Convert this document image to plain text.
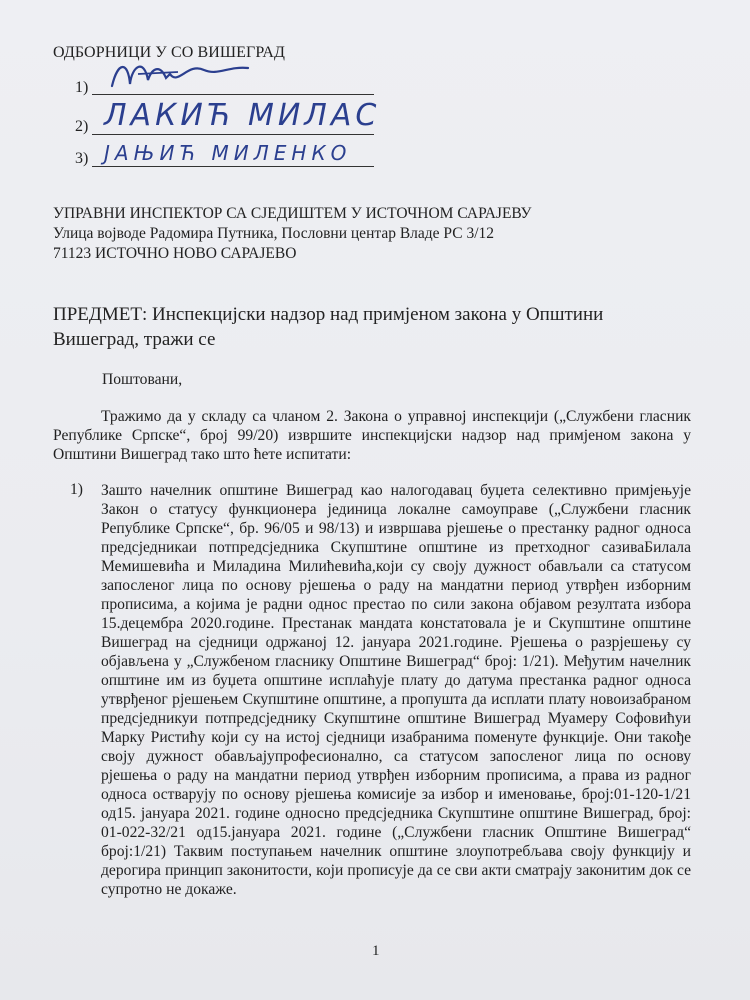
ОДБОРНИЦИ У СО ВИШЕГРАД
1)
2) ЛАКИЋ МИЛАС
3) ЈАЊИЋ МИЛЕНКО
УПРАВНИ ИНСПЕКТОР СА СЈЕДИШТЕМ У ИСТОЧНОМ САРАЈЕВУ
Улица војводе Радомира Путника, Пословни центар Владе РС 3/12
71123 ИСТОЧНО НОВО САРАЈЕВО
ПРЕДМЕТ: Инспекцијски надзор над примјеном закона у Општини
Вишеград, тражи се
Поштовани,

Тражимо да у складу са чланом 2. Закона о управној инспекцији („Службени гласник Републике Српске“, број 99/20) извршите инспекцијски надзор над примјеном закона у Општини Вишеград тако што ћете испитати:

1) Зашто начелник општине Вишеград као налогодавац буџета селективно примјењује Закон о статусу функционера јединица локалне самоуправе („Службени гласник Републике Српске“, бр. 96/05 и 98/13) и извршава рјешење о престанку радног односа предсједникаи потпредсједника Скупштине општине из претходног сазиваБилала Мемишевића и Миладина Милићевића,који су своју дужност обављали са статусом запосленог лица по основу рјешења о раду на мандатни период утврђен изборним прописима, а којима је радни однос престао по сили закона објавом резултата избора 15.децембра 2020.године. Престанак мандата констатовала је и Скупштине општине Вишеград на сједници одржаној 12. јануара 2021.године. Рјешења о разрјешењу су објављена у „Службеном гласнику Општине Вишеград“ број: 1/21). Међутим начелник општине им из буџета општине исплаћује плату до датума престанка радног односа утврђеног рјешењем Скупштине општине, а пропушта да исплати плату новоизабраном предсједникуи потпредсједнику Скупштине општине Вишеград Муамеру Софовићуи Марку Ристићу који су на истој сједници изабранима поменуте функције. Они такође своју дужност обављајупрофесионално, са статусом запосленог лица по основу рјешења о раду на мандатни период утврђен изборним прописима, а права из радног односа остварују по основу рјешења комисије за избор и именовање, број:01-120-1/21 од15. јануара 2021. године односно предсједника Скупштине општине Вишеград, број: 01-022-32/21 од15.јануара 2021. године („Службени гласник Општине Вишеград“ број:1/21) Таквим поступањем начелник општине злоупотребљава своју функцију и дерогира принцип законитости, који прописује да се сви акти сматрају законитим док се супротно не докаже.

1
